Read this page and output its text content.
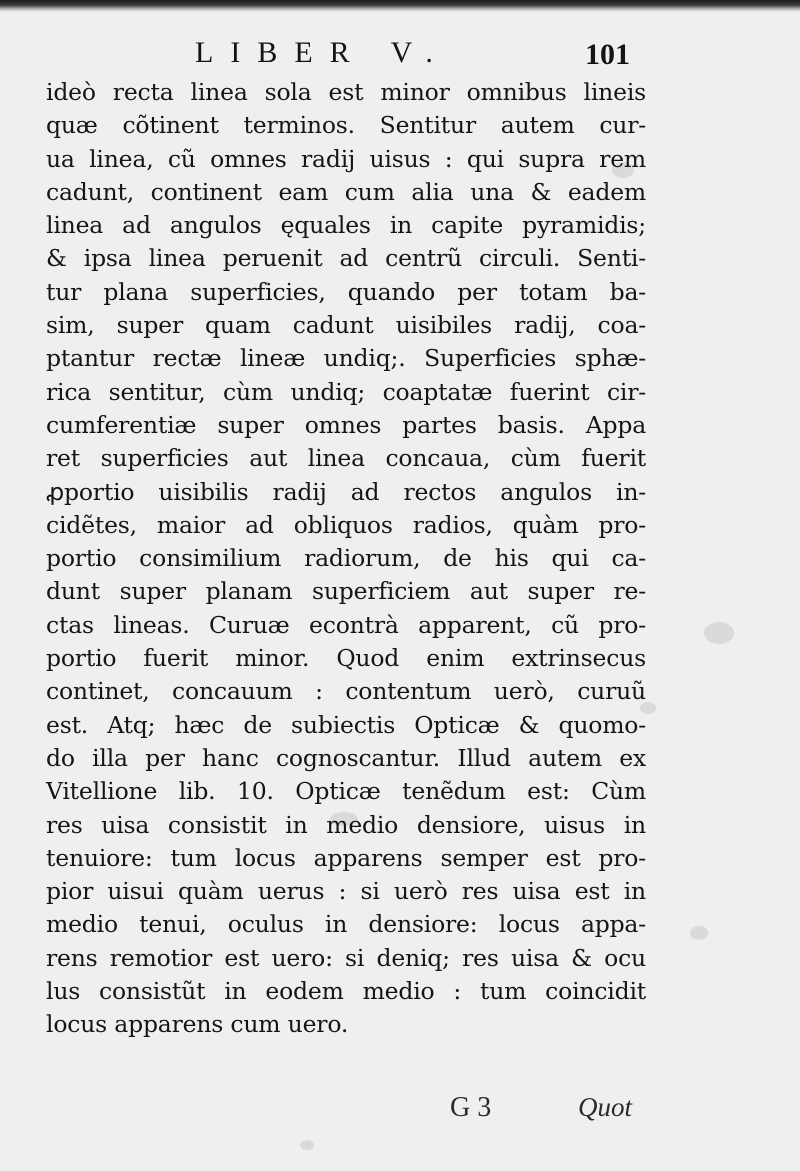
LIBER V.	101
ideò recta linea sola est minor omnibus lineis
quæ cõtinent terminos. Sentitur autem cur-
ua linea, cũ omnes radij uisus : qui supra rem
cadunt, continent eam cum alia una & eadem
linea ad angulos ęquales in capite pyramidis;
& ipsa linea peruenit ad centrũ circuli. Senti-
tur plana superficies, quando per totam ba-
sim, super quam cadunt uisibiles radij, coa-
ptantur rectæ lineæ undiq;. Superficies sphæ-
rica sentitur, cùm undiq; coaptatæ fuerint cir-
cumferentiæ super omnes partes basis. Appa
ret superficies aut linea concaua, cùm fuerit
ꝓportio uisibilis radij ad rectos angulos in-
cidẽtes, maior ad obliquos radios, quàm pro-
portio consimilium radiorum, de his qui ca-
dunt super planam superficiem aut super re-
ctas lineas. Curuæ econtrà apparent, cũ pro-
portio fuerit minor. Quod enim extrinsecus
continet, concauum : contentum uerò, curuũ
est. Atq; hæc de subiectis Opticæ & quomo-
do illa per hanc cognoscantur. Illud autem ex
Vitellione lib. 10. Opticæ tenẽdum est: Cùm
res uisa consistit in medio densiore, uisus in
tenuiore: tum locus apparens semper est pro-
pior uisui quàm uerus : si uerò res uisa est in
medio tenui, oculus in densiore: locus appa-
rens remotior est uero: si deniq; res uisa & ocu
lus consistũt in eodem medio : tum coincidit
locus apparens cum uero.
G 3	Quot
